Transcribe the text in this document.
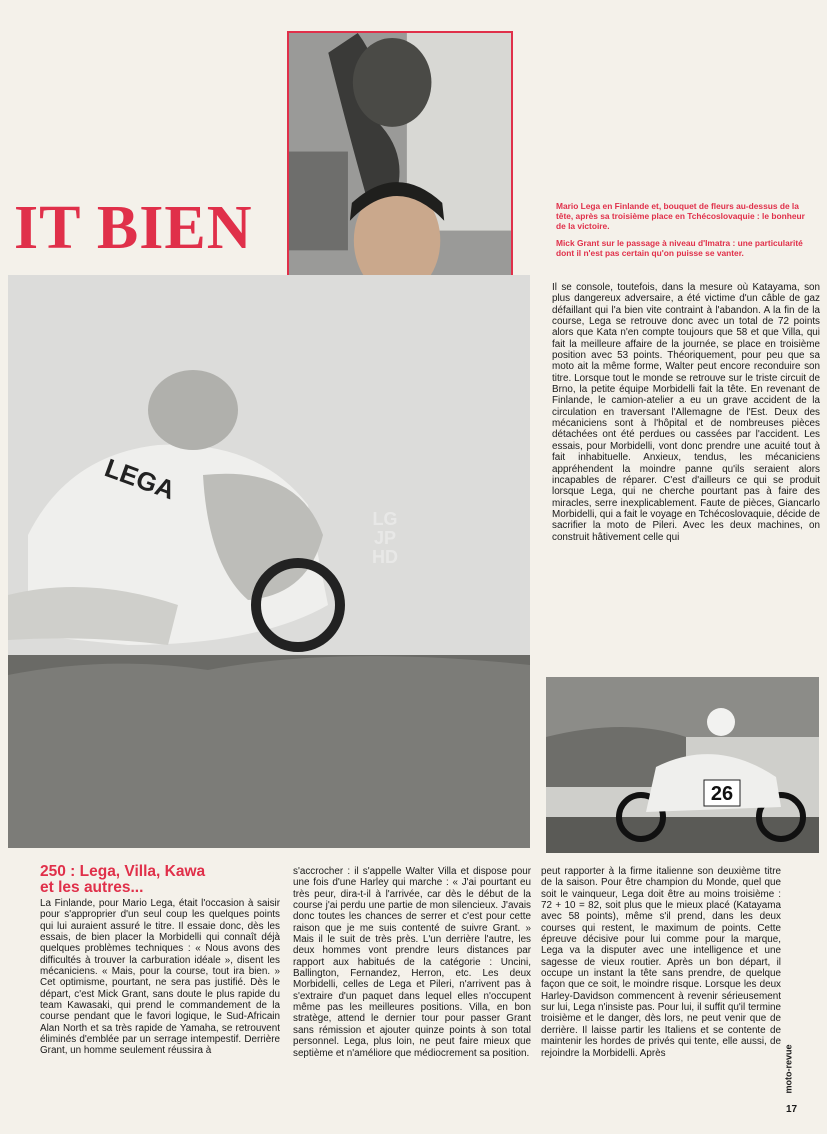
IT BIEN
LEGA
LG
JP
HD
26

Mario Lega en Finlande et, bouquet de fleurs au-dessus de la tête, après sa troisième place en Tchécoslovaquie : le bonheur de la victoire.

Mick Grant sur le passage à niveau d'Imatra : une particularité dont il n'est pas certain qu'on puisse se vanter.

Il se console, toutefois, dans la mesure où Katayama, son plus dangereux adversaire, a été victime d'un câble de gaz défaillant qui l'a bien vite contraint à l'abandon. A la fin de la course, Lega se retrouve donc avec un total de 72 points alors que Kata n'en compte toujours que 58 et que Villa, qui fait la meilleure affaire de la journée, se place en troisième position avec 53 points. Théoriquement, pour peu que sa moto ait la même forme, Walter peut encore reconduire son titre. Lorsque tout le monde se retrouve sur le triste circuit de Brno, la petite équipe Morbidelli fait la tête. En revenant de Finlande, le camion-atelier a eu un grave accident de la circulation en traversant l'Allemagne de l'Est. Deux des mécaniciens sont à l'hôpital et de nombreuses pièces détachées ont été perdues ou cassées par l'accident. Les essais, pour Morbidelli, vont donc prendre une acuité tout à fait inhabituelle. Anxieux, tendus, les mécaniciens appréhendent la moindre panne qu'ils seraient alors incapables de réparer. C'est d'ailleurs ce qui se produit lorsque Lega, qui ne cherche pourtant pas à faire des miracles, serre inexplicablement. Faute de pièces, Giancarlo Morbidelli, qui a fait le voyage en Tchécoslovaquie, décide de sacrifier la moto de Pileri. Avec les deux machines, on construit hâtivement celle qui

250 : Lega, Villa, Kawa
et les autres...

La Finlande, pour Mario Lega, était l'occasion à saisir pour s'approprier d'un seul coup les quelques points qui lui auraient assuré le titre. Il essaie donc, dès les essais, de bien placer la Morbidelli qui connaît déjà quelques problèmes techniques : « Nous avons des difficultés à trouver la carburation idéale », disent les mécaniciens. « Mais, pour la course, tout ira bien. » Cet optimisme, pourtant, ne sera pas justifié. Dès le départ, c'est Mick Grant, sans doute le plus rapide du team Kawasaki, qui prend le commandement de la course pendant que le favori logique, le Sud-Africain Alan North et sa très rapide de Yamaha, se retrouvent éliminés d'emblée par un serrage intempestif. Derrière Grant, un homme seulement réussira à

s'accrocher : il s'appelle Walter Villa et dispose pour une fois d'une Harley qui marche : « J'ai pourtant eu très peur, dira-t-il à l'arrivée, car dès le début de la course j'ai perdu une partie de mon silencieux. J'avais donc toutes les chances de serrer et c'est pour cette raison que je me suis contenté de suivre Grant. » Mais il le suit de très près. L'un derrière l'autre, les deux hommes vont prendre leurs distances par rapport aux habitués de la catégorie : Uncini, Ballington, Fernandez, Herron, etc. Les deux Morbidelli, celles de Lega et Pileri, n'arrivent pas à s'extraire d'un paquet dans lequel elles n'occupent même pas les meilleures positions. Villa, en bon stratège, attend le dernier tour pour passer Grant sans rémission et ajouter quinze points à son total personnel. Lega, plus loin, ne peut faire mieux que septième et n'améliore que médiocrement sa position.

peut rapporter à la firme italienne son deuxième titre de la saison. Pour être champion du Monde, quel que soit le vainqueur, Lega doit être au moins troisième : 72 + 10 = 82, soit plus que le mieux placé (Katayama avec 58 points), même s'il prend, dans les deux courses qui restent, le maximum de points. Cette épreuve décisive pour lui comme pour la marque, Lega va la disputer avec une intelligence et une sagesse de vieux routier. Après un bon départ, il occupe un instant la tête sans prendre, de quelque façon que ce soit, le moindre risque. Lorsque les deux Harley-Davidson commencent à revenir sérieusement sur lui, Lega n'insiste pas. Pour lui, il suffit qu'il termine troisième et le danger, dès lors, ne peut venir que de derrière. Il laisse partir les Italiens et se contente de maintenir les hordes de privés qui tente, elle aussi, de rejoindre la Morbidelli. Après	moto-revue
17
